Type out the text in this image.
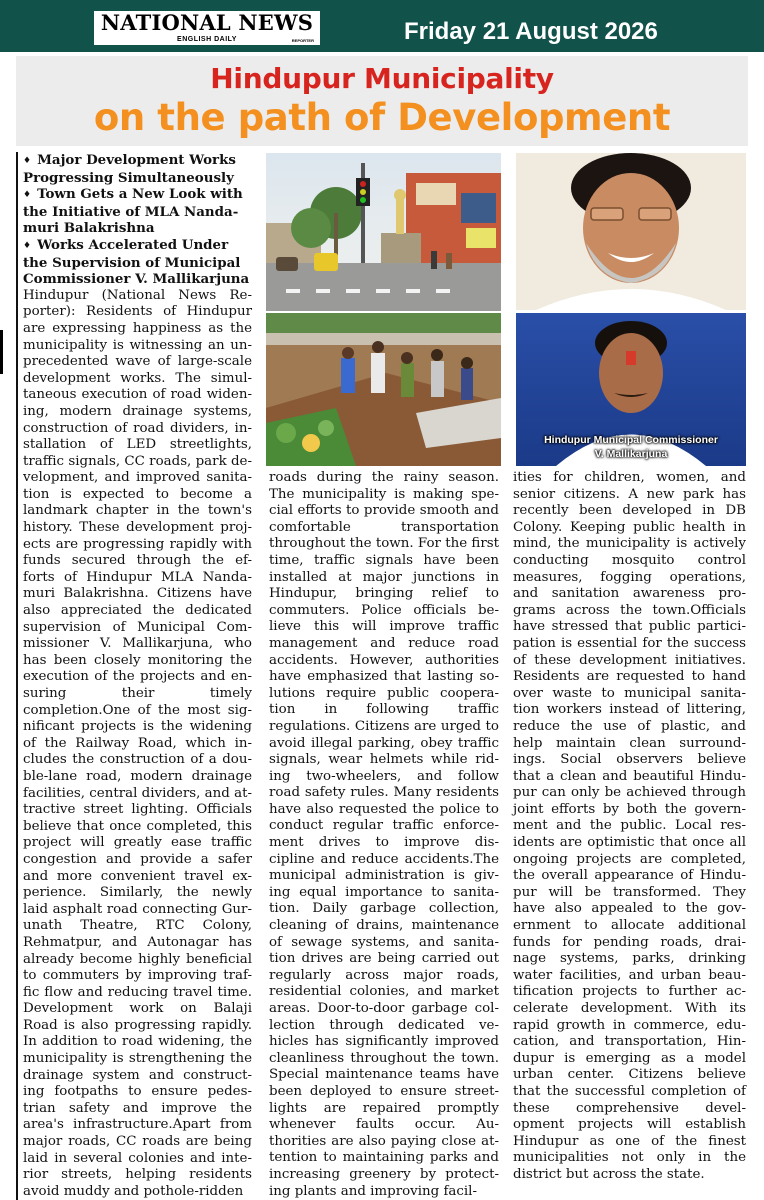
NATIONAL NEWS
ENGLISH DAILY	REPORTER	Friday 21 August 2026
Hindupur Municipality
on the path of Development
♦ Major Development Works Progressing Simultaneously
♦ Town Gets a New Look with the Initiative of MLA Nanda-muri Balakrishna
♦ Works Accelerated Under the Supervision of Municipal Commissioner V. Mallikarjuna
Hindupur (National News Re-porter): Residents of Hindupur are expressing happiness as the municipality is witnessing an un-precedented wave of large-scale development works. The simul-taneous execution of road widen-ing, modern drainage systems, construction of road dividers, in-stallation of LED streetlights, traffic signals, CC roads, park de-velopment, and improved sanita-tion is expected to become a landmark chapter in the town's history. These development proj-ects are progressing rapidly with funds secured through the ef-forts of Hindupur MLA Nanda-muri Balakrishna. Citizens have also appreciated the dedicated supervision of Municipal Com-missioner V. Mallikarjuna, who has been closely monitoring the execution of the projects and en-suring their timely completion.One of the most sig-nificant projects is the widening of the Railway Road, which in-cludes the construction of a dou-ble-lane road, modern drainage facilities, central dividers, and at-tractive street lighting. Officials believe that once completed, this project will greatly ease traffic congestion and provide a safer and more convenient travel ex-perience. Similarly, the newly laid asphalt road connecting Gur-unath Theatre, RTC Colony, Rehmatpur, and Autonagar has already become highly beneficial to commuters by improving traf-fic flow and reducing travel time. Development work on Balaji Road is also progressing rapidly. In addition to road widening, the municipality is strengthening the drainage system and construct-ing footpaths to ensure pedes-trian safety and improve the area's infrastructure.Apart from major roads, CC roads are being laid in several colonies and inte-rior streets, helping residents avoid muddy and pothole-ridden
Hindupur Municipal Commissioner
V. Mallikarjuna
roads during the rainy season. The municipality is making spe-cial efforts to provide smooth and comfortable transportation throughout the town. For the first time, traffic signals have been installed at major junctions in Hindupur, bringing relief to commuters. Police officials be-lieve this will improve traffic management and reduce road accidents. However, authorities have emphasized that lasting so-lutions require public coopera-tion in following traffic regulations. Citizens are urged to avoid illegal parking, obey traffic signals, wear helmets while rid-ing two-wheelers, and follow road safety rules. Many residents have also requested the police to conduct regular traffic enforce-ment drives to improve dis-cipline and reduce accidents.The municipal administration is giv-ing equal importance to sanita-tion. Daily garbage collection, cleaning of drains, maintenance of sewage systems, and sanita-tion drives are being carried out regularly across major roads, residential colonies, and market areas. Door-to-door garbage col-lection through dedicated ve-hicles has significantly improved cleanliness throughout the town. Special maintenance teams have been deployed to ensure street-lights are repaired promptly whenever faults occur. Au-thorities are also paying close at-tention to maintaining parks and increasing greenery by protect-ing plants and improving facil-
ities for children, women, and senior citizens. A new park has recently been developed in DB Colony. Keeping public health in mind, the municipality is actively conducting mosquito control measures, fogging operations, and sanitation awareness pro-grams across the town.Officials have stressed that public partici-pation is essential for the success of these development initiatives. Residents are requested to hand over waste to municipal sanita-tion workers instead of littering, reduce the use of plastic, and help maintain clean surround-ings. Social observers believe that a clean and beautiful Hindu-pur can only be achieved through joint efforts by both the govern-ment and the public. Local res-idents are optimistic that once all ongoing projects are completed, the overall appearance of Hindu-pur will be transformed. They have also appealed to the gov-ernment to allocate additional funds for pending roads, drai-nage systems, parks, drinking water facilities, and urban beau-tification projects to further ac-celerate development. With its rapid growth in commerce, edu-cation, and transportation, Hin-dupur is emerging as a model urban center. Citizens believe that the successful completion of these comprehensive devel-opment projects will establish Hindupur as one of the finest municipalities not only in the district but across the state.
